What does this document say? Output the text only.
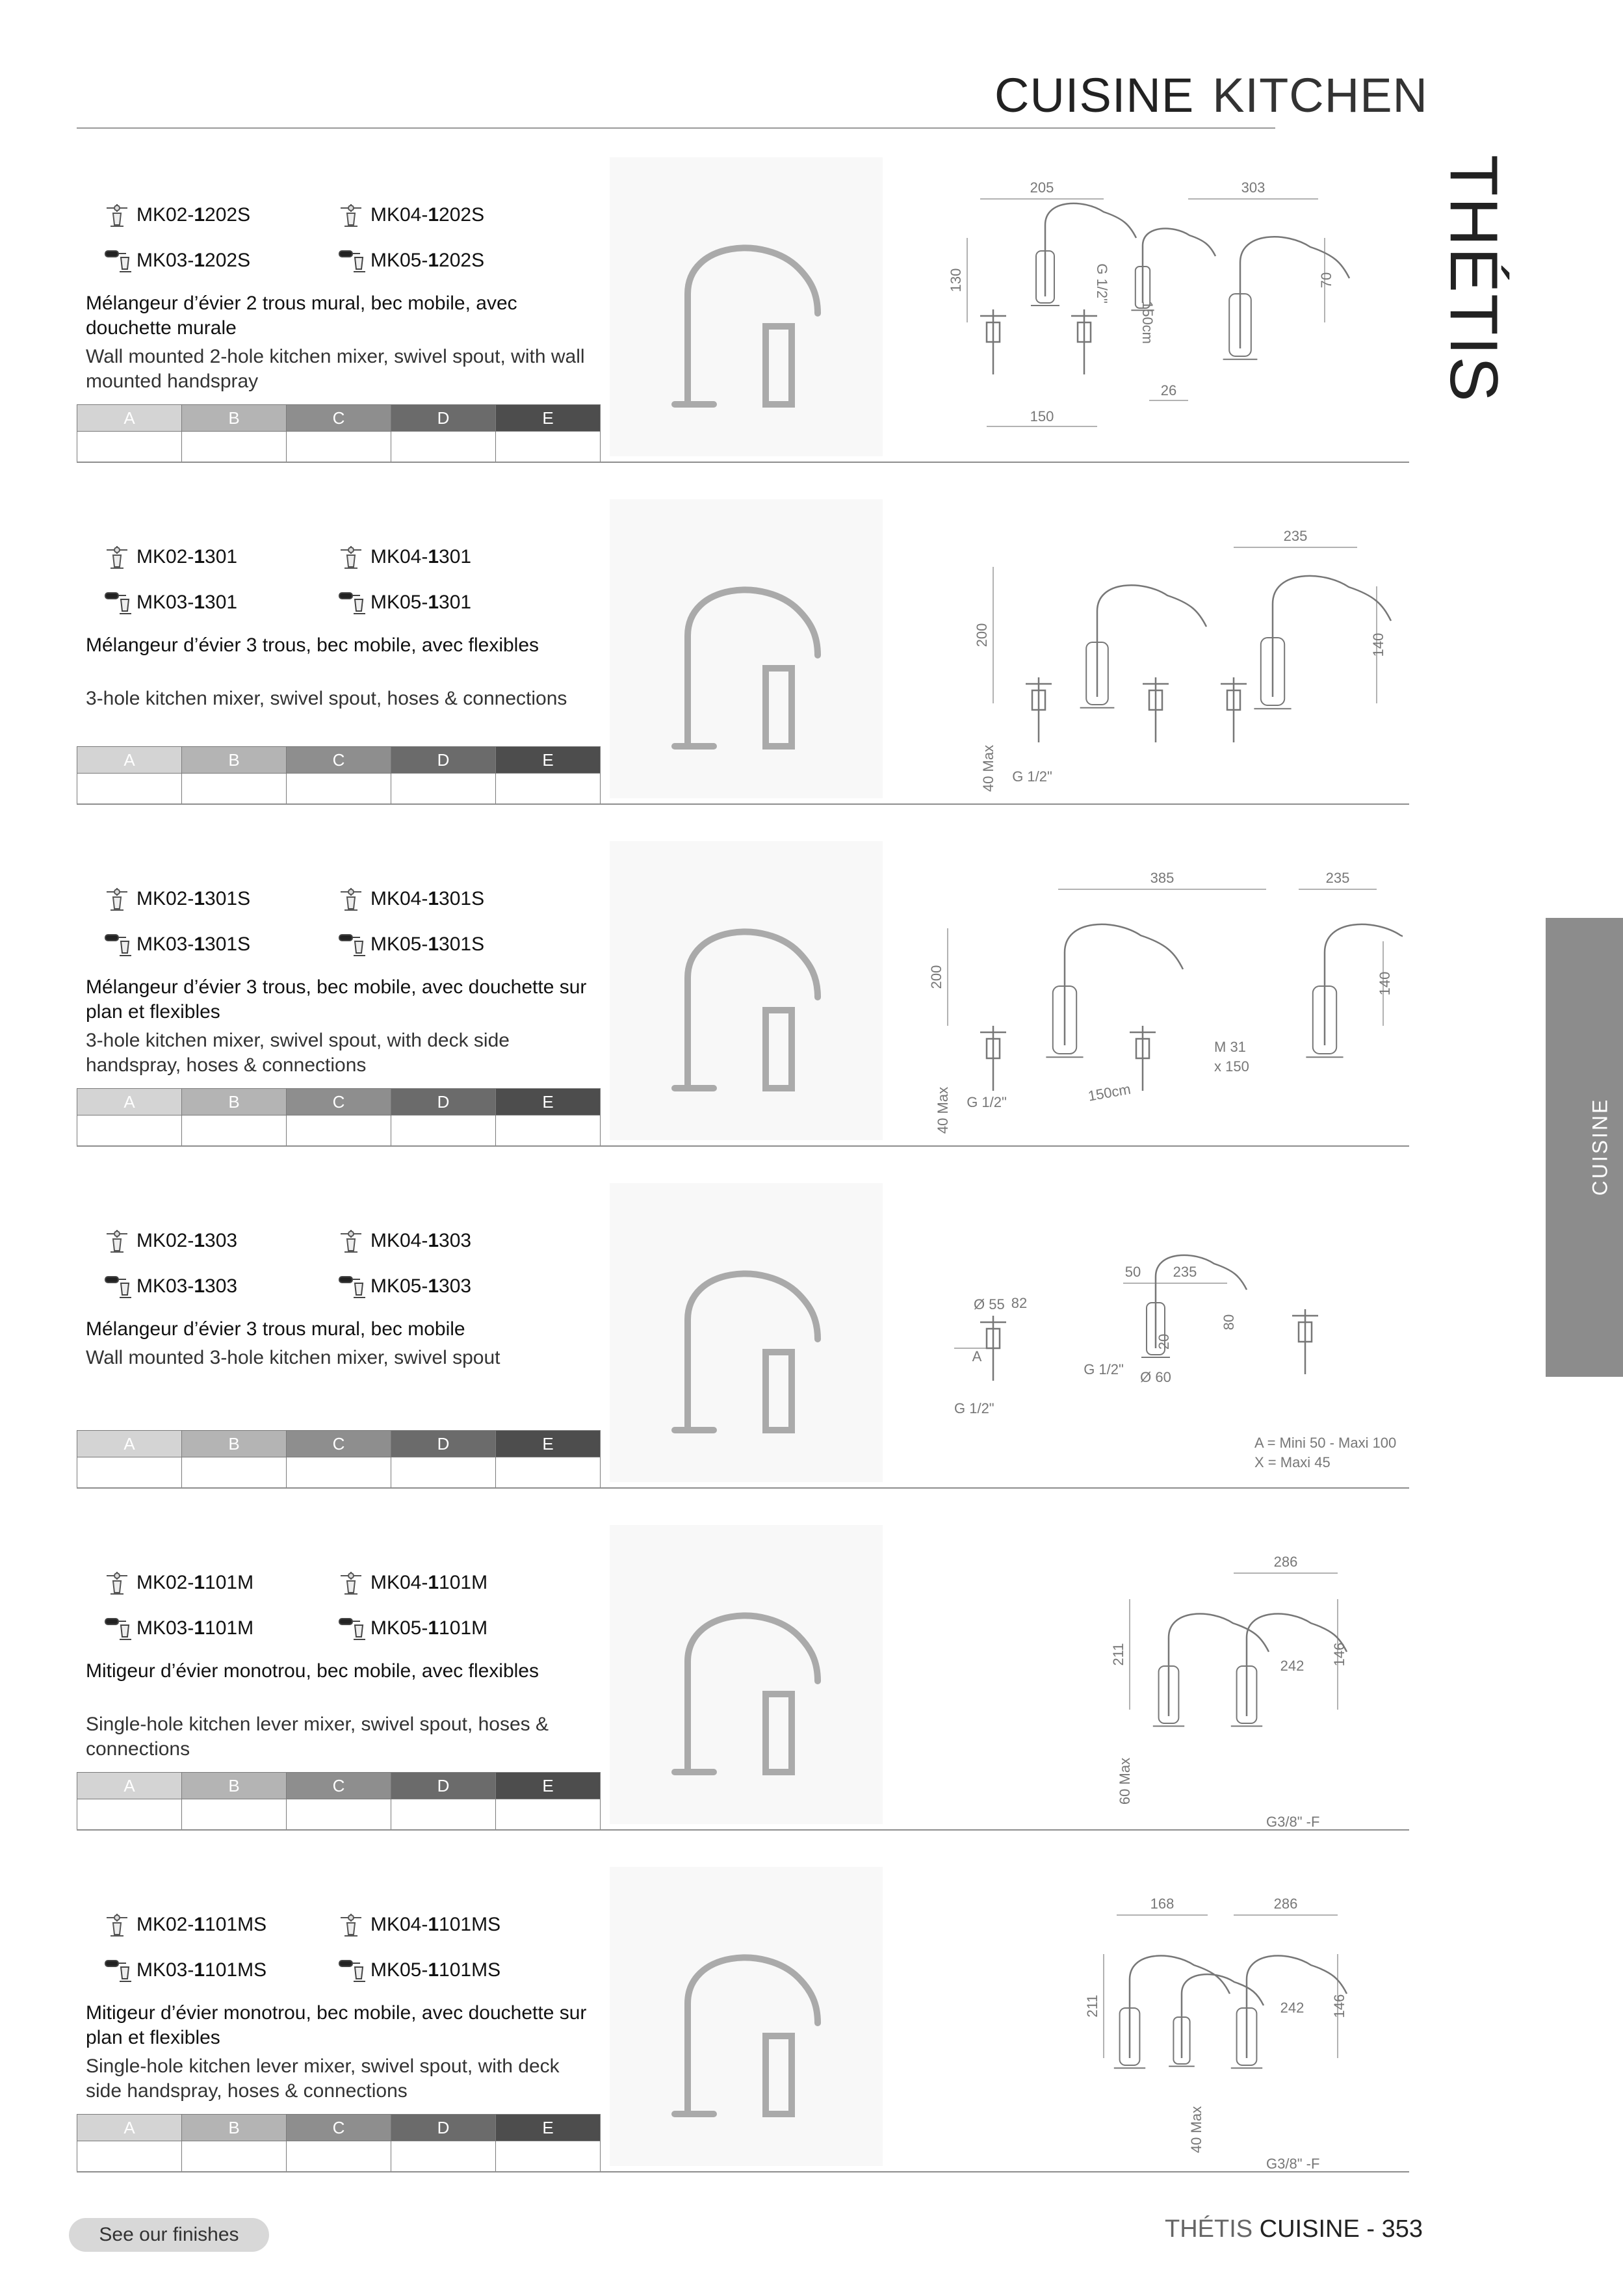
CUISINE KITCHEN
THÉTIS
CUISINE
MK02-1202S	MK04-1202S
MK03-1202S	MK05-1202S
Mélangeur d’évier 2 trous mural, bec mobile, avec douchette murale
Wall mounted 2-hole kitchen mixer, swivel spout, with wall mounted handspray
A	B	C	D	E

205	303
130	G 1/2"
150cm
70
150
26
MK02-1301	MK04-1301
MK03-1301	MK05-1301
Mélangeur d’évier 3 trous, bec mobile, avec flexibles
3-hole kitchen mixer, swivel spout, hoses & connections
A	B	C	D	E

235
200	140
40 Max G 1/2"
MK02-1301S	MK04-1301S
MK03-1301S	MK05-1301S
Mélangeur d’évier 3 trous, bec mobile, avec douchette sur plan et flexibles
3-hole kitchen mixer, swivel spout, with deck side handspray, hoses & connections
A	B	C	D	E

385	235
200	140
M 31
x 150
40 Max G 1/2"	150cm
MK02-1303	MK04-1303
MK03-1303	MK05-1303
Mélangeur d’évier 3 trous mural, bec mobile
Wall mounted 3-hole kitchen mixer, swivel spout
A	B	C	D	E

Ø 55 82
A
G 1/2"
50 235
20
80
G 1/2" Ø 60
A = Mini 50 - Maxi 100
X = Maxi 45
MK02-1101M	MK04-1101M
MK03-1101M	MK05-1101M
Mitigeur d’évier monotrou, bec mobile, avec flexibles
Single-hole kitchen lever mixer, swivel spout, hoses & connections
A	B	C	D	E

286
211	242 146
60 Max
G3/8" -F
MK02-1101MS	MK04-1101MS
MK03-1101MS	MK05-1101MS
Mitigeur d’évier monotrou, bec mobile, avec douchette sur plan et flexibles
Single-hole kitchen lever mixer, swivel spout, with deck side handspray, hoses & connections
A	B	C	D	E

168	286
211	242 146
40 Max
G3/8" -F
See our finishes	THÉTIS CUISINE - 353
